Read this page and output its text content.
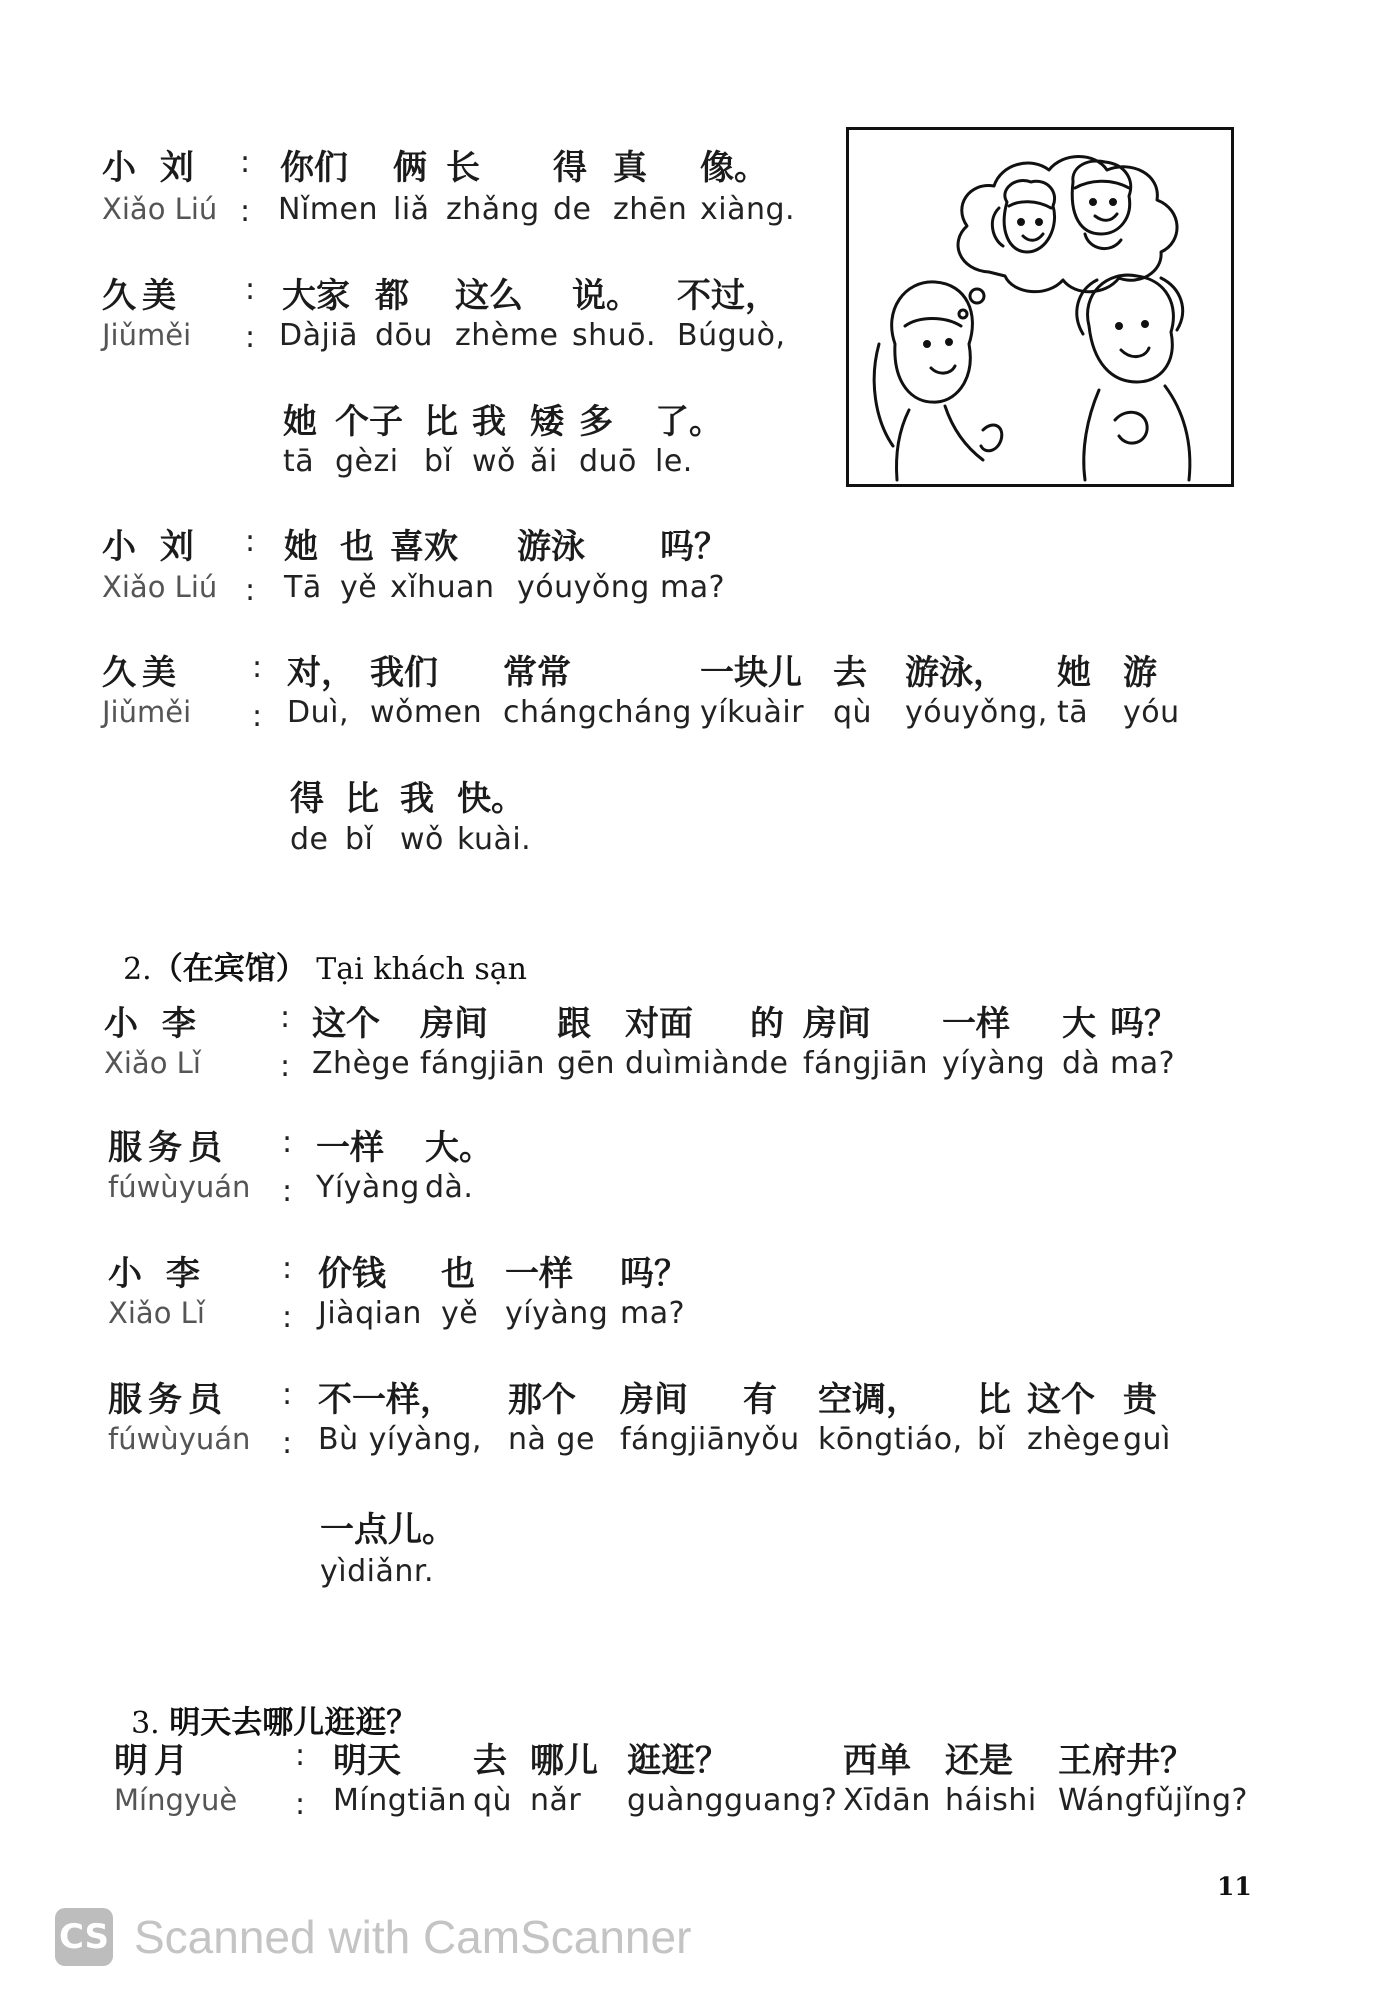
小 刘
Xiǎo Liú
:
:
你们 俩 长 得 真 像。
Nǐmen liǎ zhǎng de zhēn xiàng.
久美
Jiǔměi
:
:
大家 都 这么 说。 不过，
Dàjiā dōu zhème shuō. Búguò,
她 个子 比 我 矮 多 了。
tā gèzi bǐ wǒ ǎi duō le.
小 刘
Xiǎo Liú
:
:
她 也 喜欢 游泳 吗？
Tā yě xǐhuan yóuyǒng ma?
久美
Jiǔměi
:
:
对， 我们 常常	一块儿 去 游泳， 她 游
Duì, wǒmen chángcháng yíkuàir qù yóuyǒng, tā yóu
得 比 我 快。
de bǐ wǒ kuài.

2.（在宾馆） Tại khách sạn

小 李
Xiǎo Lǐ
:
:
这个 房间 跟 对面 的 房间 一样 大 吗？
Zhège fángjiān gēn duìmiàn de fángjiān yíyàng dà ma?
服务员
fúwùyuán
:
:
一样 大。
Yíyàng dà.
小 李
Xiǎo Lǐ
:
:
价钱 也 一样 吗？
Jiàqian yě yíyàng ma?
服务员
fúwùyuán
:
:
不一样， 那个 房间 有 空调， 比 这个 贵
Bù yíyàng, nà ge fángjiān
yǒu kōngtiáo, bǐ zhège guì
一点儿。
yìdiǎnr.

3. 明天去哪儿逛逛？

明月
Míngyuè
:
:
明天 去 哪儿 逛逛？	西单 还是 王府井？
Míngtiān qù nǎr guàngguang? Xīdān háishi Wángfǔjǐng?
11
CS Scanned with CamScanner
